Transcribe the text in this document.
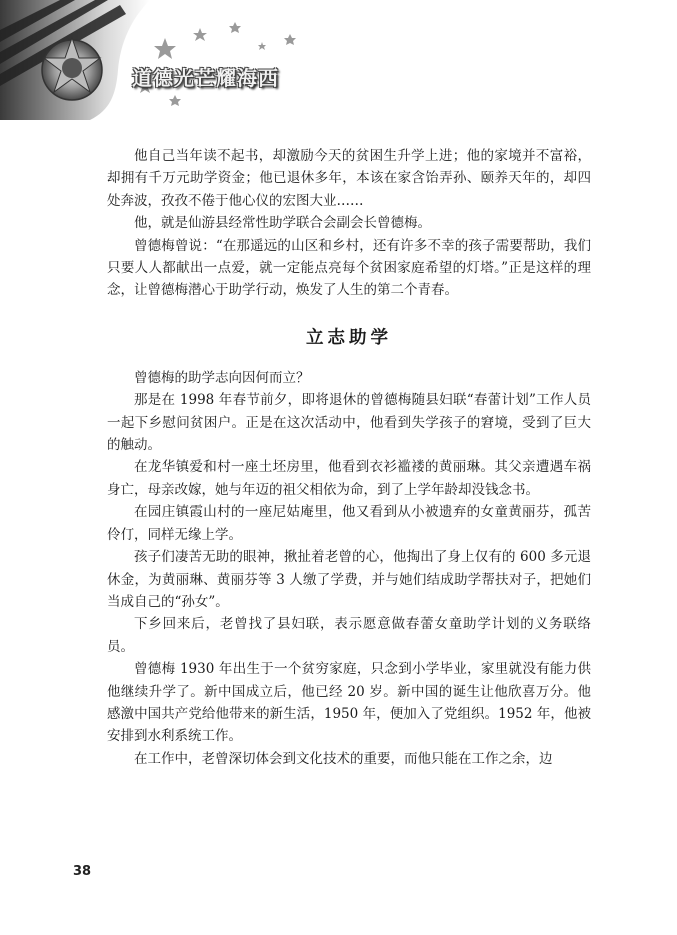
道德光芒耀海西

他自己当年读不起书，却激励今天的贫困生升学上进；他的家境并不富裕，却拥有千万元助学资金；他已退休多年，本该在家含饴弄孙、颐养天年的，却四处奔波，孜孜不倦于他心仪的宏图大业……

他，就是仙游县经常性助学联合会副会长曾德梅。

曾德梅曾说：“在那遥远的山区和乡村，还有许多不幸的孩子需要帮助，我们只要人人都献出一点爱，就一定能点亮每个贫困家庭希望的灯塔。”正是这样的理念，让曾德梅潜心于助学行动，焕发了人生的第二个青春。

立志助学

曾德梅的助学志向因何而立？

那是在 1998 年春节前夕，即将退休的曾德梅随县妇联“春蕾计划”工作人员一起下乡慰问贫困户。正是在这次活动中，他看到失学孩子的窘境，受到了巨大的触动。

在龙华镇爱和村一座土坯房里，他看到衣衫褴褛的黄丽琳。其父亲遭遇车祸身亡，母亲改嫁，她与年迈的祖父相依为命，到了上学年龄却没钱念书。

在园庄镇霞山村的一座尼姑庵里，他又看到从小被遗弃的女童黄丽芬，孤苦伶仃，同样无缘上学。

孩子们凄苦无助的眼神，揪扯着老曾的心，他掏出了身上仅有的 600 多元退休金，为黄丽琳、黄丽芬等 3 人缴了学费，并与她们结成助学帮扶对子，把她们当成自己的“孙女”。

下乡回来后，老曾找了县妇联，表示愿意做春蕾女童助学计划的义务联络员。

曾德梅 1930 年出生于一个贫穷家庭，只念到小学毕业，家里就没有能力供他继续升学了。新中国成立后，他已经 20 岁。新中国的诞生让他欣喜万分。他感激中国共产党给他带来的新生活，1950 年，便加入了党组织。1952 年，他被安排到水利系统工作。

在工作中，老曾深切体会到文化技术的重要，而他只能在工作之余，边

38
